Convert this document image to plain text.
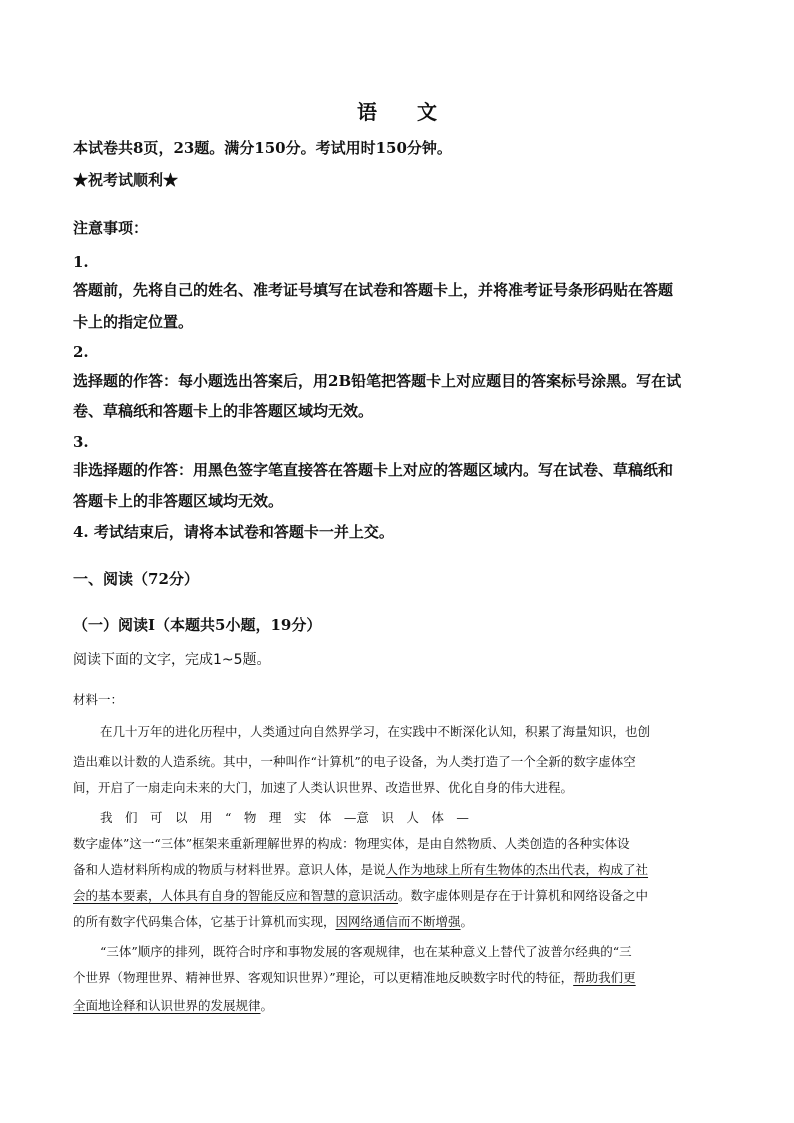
语 文
本试卷共8页，23题。满分150分。考试用时150分钟。
★祝考试顺利★
注意事项：
1.
答题前，先将自己的姓名、准考证号填写在试卷和答题卡上，并将准考证号条形码贴在答题
卡上的指定位置。
2.
选择题的作答：每小题选出答案后，用2B铅笔把答题卡上对应题目的答案标号涂黑。写在试
卷、草稿纸和答题卡上的非答题区域均无效。
3.
非选择题的作答：用黑色签字笔直接答在答题卡上对应的答题区域内。写在试卷、草稿纸和
答题卡上的非答题区域均无效。
4. 考试结束后，请将本试卷和答题卡一并上交。
一、阅读（72分）
（一）阅读I（本题共5小题，19分）
阅读下面的文字，完成1~5题。
材料一：
在几十万年的进化历程中，人类通过向自然界学习，在实践中不断深化认知，积累了海量知识，也创
造出难以计数的人造系统。其中，一种叫作“计算机”的电子设备，为人类打造了一个全新的数字虚体空
间，开启了一扇走向未来的大门，加速了人类认识世界、改造世界、优化自身的伟大进程。
我　们　可　以　用　“　物　理　实　体　—意　识　人　体　—
数字虚体”这一“三体”框架来重新理解世界的构成：物理实体，是由自然物质、人类创造的各种实体设
备和人造材料所构成的物质与材料世界。意识人体，是说人作为地球上所有生物体的杰出代表，构成了社
会的基本要素，人体具有自身的智能反应和智慧的意识活动。数字虚体则是存在于计算机和网络设备之中
的所有数字代码集合体，它基于计算机而实现，因网络通信而不断增强。
“三体”顺序的排列，既符合时序和事物发展的客观规律，也在某种意义上替代了波普尔经典的“三
个世界（物理世界、精神世界、客观知识世界）”理论，可以更精准地反映数字时代的特征，帮助我们更
全面地诠释和认识世界的发展规律。
